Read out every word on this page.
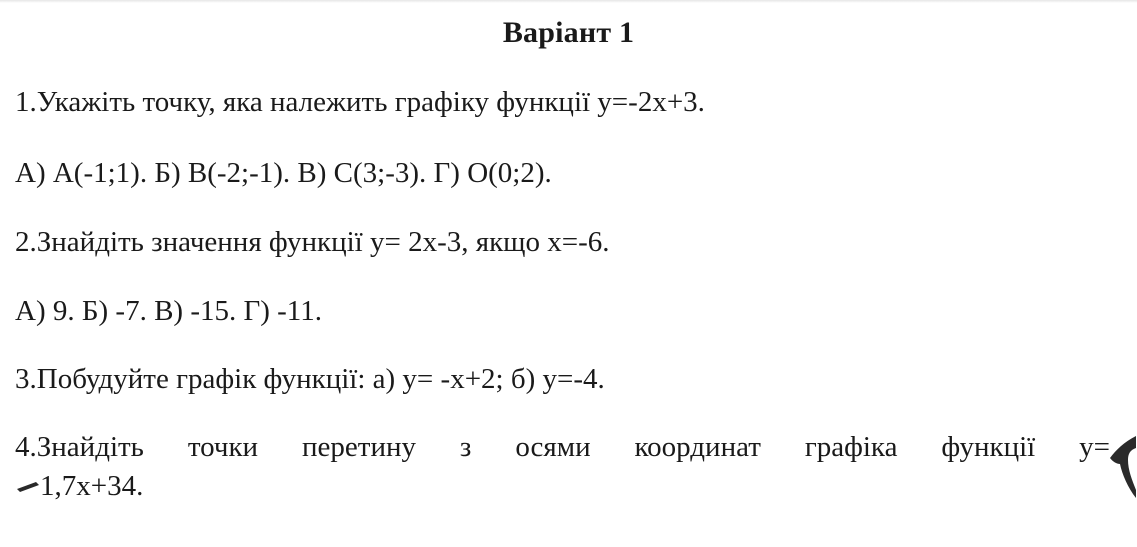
Варіант 1
1.Укажіть точку, яка належить графіку функції y=-2x+3.
А) А(-1;1). Б) В(-2;-1). В) С(3;-3). Г) О(0;2).
2.Знайдіть значення функції y= 2x-3, якщо x=-6.
А) 9. Б) -7. В) -15. Г) -11.
3.Побудуйте графік функції: а) y= -x+2; б) y=-4.
4.Знайдіть точки перетину з осями координат графіка функції y=
1,7x+34.
